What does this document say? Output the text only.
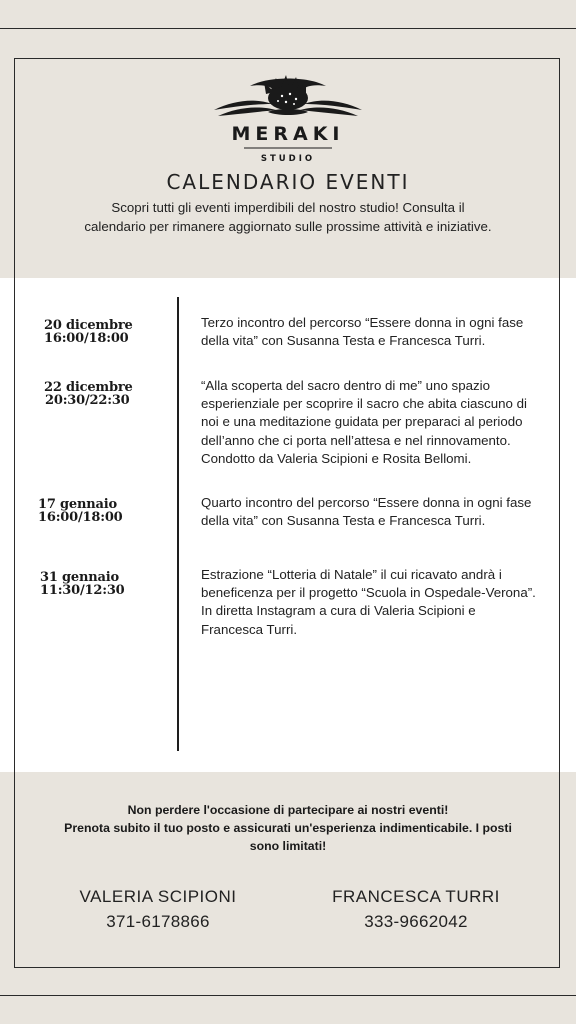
MERAKI
STUDIO
CALENDARIO EVENTI
Scopri tutti gli eventi imperdibili del nostro studio! Consulta il calendario per rimanere aggiornato sulle prossime attività e iniziative.
20 dicembre
16:00/18:00
Terzo incontro del percorso “Essere donna in ogni fase della vita” con Susanna Testa e Francesca Turri.
22 dicembre
20:30/22:30
“Alla scoperta del sacro dentro di me” uno spazio esperienziale per scoprire il sacro che abita ciascuno di noi e una meditazione guidata per preparaci al periodo dell’anno che ci porta nell’attesa e nel rinnovamento. Condotto da Valeria Scipioni e Rosita Bellomi.
17 gennaio
16:00/18:00
Quarto incontro del percorso “Essere donna in ogni fase della vita” con Susanna Testa e Francesca Turri.
31 gennaio
11:30/12:30
Estrazione “Lotteria di Natale” il cui ricavato andrà i beneficenza per il progetto “Scuola in Ospedale-Verona”. In diretta Instagram a cura di Valeria Scipioni e Francesca Turri.
Non perdere l'occasione di partecipare ai nostri eventi!
Prenota subito il tuo posto e assicurati un'esperienza indimenticabile. I posti sono limitati!
VALERIA SCIPIONI
371-6178866
FRANCESCA TURRI
333-9662042
